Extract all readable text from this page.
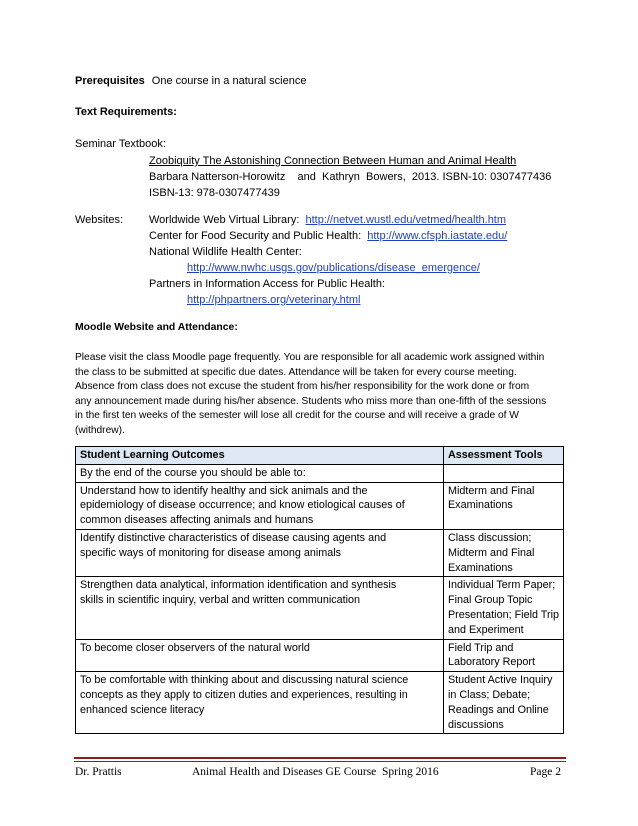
Prerequisites One course in a natural science
Text Requirements:
Seminar Textbook:
Zoobiquity The Astonishing Connection Between Human and Animal Health
Barbara Natterson-Horowitz    and  Kathryn  Bowers,  2013. ISBN-10: 0307477436
ISBN-13: 978-0307477439
Websites: Worldwide Web Virtual Library: http://netvet.wustl.edu/vetmed/health.htm
Center for Food Security and Public Health: http://www.cfsph.iastate.edu/
National Wildlife Health Center:
http://www.nwhc.usgs.gov/publications/disease_emergence/
Partners in Information Access for Public Health:
http://phpartners.org/veterinary.html
Moodle Website and Attendance:
Please visit the class Moodle page frequently. You are responsible for all academic work assigned within
the class to be submitted at specific due dates. Attendance will be taken for every course meeting.
Absence from class does not excuse the student from his/her responsibility for the work done or from
any announcement made during his/her absence. Students who miss more than one-fifth of the sessions
in the first ten weeks of the semester will lose all credit for the course and will receive a grade of W
(withdrew).
Student Learning Outcomes	Assessment Tools
By the end of the course you should be able to:	

Understand how to identify healthy and sick animals and the
epidemiology of disease occurrence; and know etiological causes of
common diseases affecting animals and humans	Midterm and Final
Examinations

Identify distinctive characteristics of disease causing agents and
specific ways of monitoring for disease among animals	Class discussion;
Midterm and Final
Examinations

Strengthen data analytical, information identification and synthesis
skills in scientific inquiry, verbal and written communication	Individual Term Paper;
Final Group Topic
Presentation; Field Trip
and Experiment

To become closer observers of the natural world	Field Trip and
Laboratory Report

To be comfortable with thinking about and discussing natural science
concepts as they apply to citizen duties and experiences, resulting in
enhanced science literacy	Student Active Inquiry
in Class; Debate;
Readings and Online
discussions
Dr. Prattis	Animal Health and Diseases GE Course  Spring 2016	Page 2
